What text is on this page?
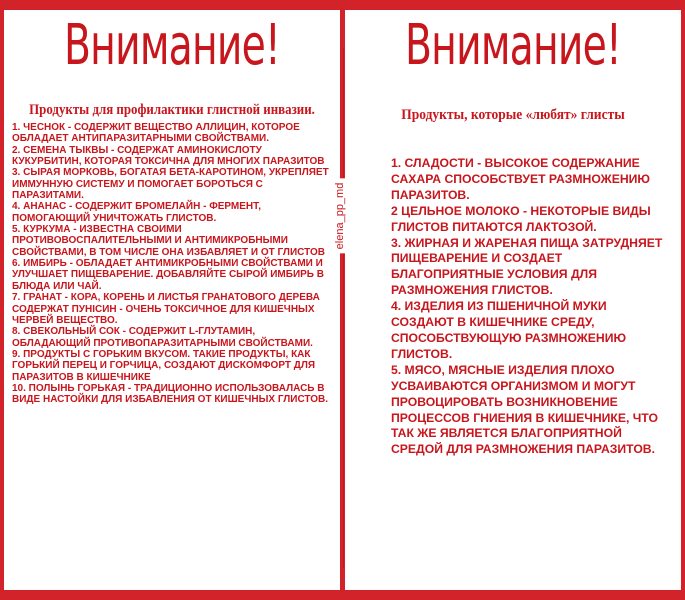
Внимание!
Продукты для профилактики глистной инвазии.

1. ЧЕСНОК - СОДЕРЖИТ ВЕЩЕСТВО АЛЛИЦИН, КОТОРОЕ ОБЛАДАЕТ АНТИПАРАЗИТАРНЫМИ СВОЙСТВАМИ.

2. СЕМЕНА ТЫКВЫ - СОДЕРЖАТ АМИНОКИСЛОТУ КУКУРБИТИН, КОТОРАЯ ТОКСИЧНА ДЛЯ МНОГИХ ПАРАЗИТОВ

3. СЫРАЯ МОРКОВЬ, БОГАТАЯ БЕТА-КАРОТИНОМ, УКРЕПЛЯЕТ ИММУННУЮ СИСТЕМУ И ПОМОГАЕТ БОРОТЬСЯ С ПАРАЗИТАМИ.

4. АНАНАС - СОДЕРЖИТ БРОМЕЛАЙН - ФЕРМЕНТ, ПОМОГАЮЩИЙ УНИЧТОЖАТЬ ГЛИСТОВ.

5. КУРКУМА - ИЗВЕСТНА СВОИМИ ПРОТИВОВОСПАЛИТЕЛЬНЫМИ И АНТИМИКРОБНЫМИ СВОЙСТВАМИ, В ТОМ ЧИСЛЕ ОНА ИЗБАВЛЯЕТ И ОТ ГЛИСТОВ

6. ИМБИРЬ - ОБЛАДАЕТ АНТИМИКРОБНЫМИ СВОЙСТВАМИ И УЛУЧШАЕТ ПИЩЕВАРЕНИЕ. ДОБАВЛЯЙТЕ СЫРОЙ ИМБИРЬ В БЛЮДА ИЛИ ЧАЙ.

7. ГРАНАТ - КОРА, КОРЕНЬ И ЛИСТЬЯ ГРАНАТОВОГО ДЕРЕВА СОДЕРЖАТ ПУНICИН - ОЧЕНЬ ТОКСИЧНОЕ ДЛЯ КИШЕЧНЫХ ЧЕРВЕЙ ВЕЩЕСТВО.

8. СВЕКОЛЬНЫЙ СОК - СОДЕРЖИТ L-ГЛУТАМИН, ОБЛАДАЮЩИЙ ПРОТИВОПАРАЗИТАРНЫМИ СВОЙСТВАМИ.

9. ПРОДУКТЫ С ГОРЬКИМ ВКУСОМ. ТАКИЕ ПРОДУКТЫ, КАК ГОРЬКИЙ ПЕРЕЦ И ГОРЧИЦА, СОЗДАЮТ ДИСКОМФОРТ ДЛЯ ПАРАЗИТОВ В КИШЕЧНИКЕ

10. ПОЛЫНЬ ГОРЬКАЯ - ТРАДИЦИОННО ИСПОЛЬЗОВАЛАСЬ В ВИДЕ НАСТОЙКИ ДЛЯ ИЗБАВЛЕНИЯ ОТ КИШЕЧНЫХ ГЛИСТОВ.

Внимание!
Продукты, которые «любят» глисты

1. СЛАДОСТИ - ВЫСОКОЕ СОДЕРЖАНИЕ САХАРА СПОСОБСТВУЕТ РАЗМНОЖЕНИЮ ПАРАЗИТОВ.

2 ЦЕЛЬНОЕ МОЛОКО - НЕКОТОРЫЕ ВИДЫ ГЛИСТОВ ПИТАЮТСЯ ЛАКТОЗОЙ.

3. ЖИРНАЯ И ЖАРЕНАЯ ПИЩА ЗАТРУДНЯЕТ ПИЩЕВАРЕНИЕ И СОЗДАЕТ БЛАГОПРИЯТНЫЕ УСЛОВИЯ ДЛЯ РАЗМНОЖЕНИЯ ГЛИСТОВ.

4. ИЗДЕЛИЯ ИЗ ПШЕНИЧНОЙ МУКИ СОЗДАЮТ В КИШЕЧНИКЕ СРЕДУ, СПОСОБСТВУЮЩУЮ РАЗМНОЖЕНИЮ ГЛИСТОВ.

5. МЯСО, МЯСНЫЕ ИЗДЕЛИЯ ПЛОХО УСВАИВАЮТСЯ ОРГАНИЗМОМ И МОГУТ ПРОВОЦИРОВАТЬ ВОЗНИКНОВЕНИЕ ПРОЦЕССОВ ГНИЕНИЯ В КИШЕЧНИКЕ, ЧТО ТАК ЖЕ ЯВЛЯЕТСЯ БЛАГОПРИЯТНОЙ СРЕДОЙ ДЛЯ РАЗМНОЖЕНИЯ ПАРАЗИТОВ.

elena_pp_md
